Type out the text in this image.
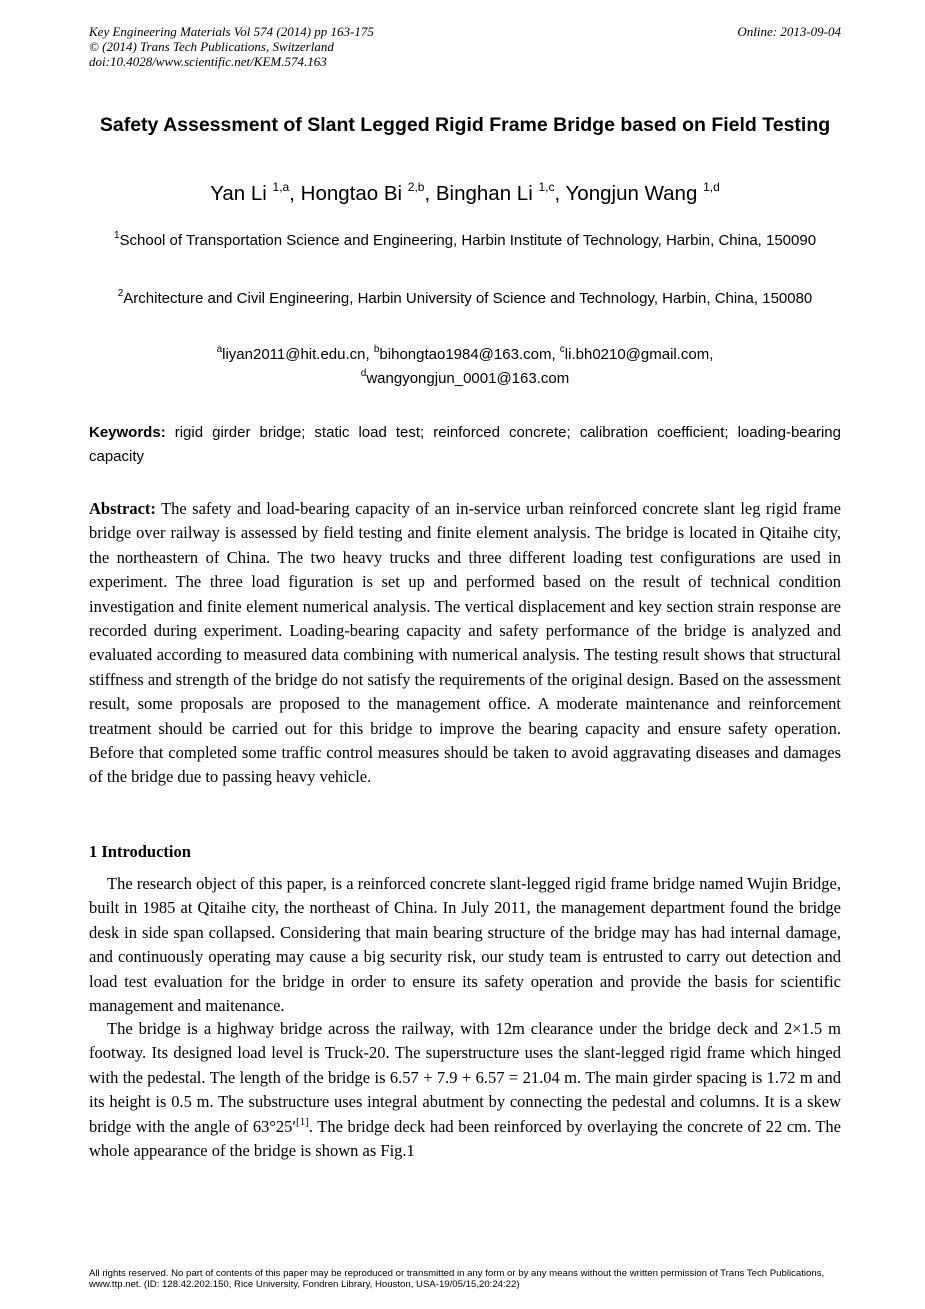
Key Engineering Materials Vol 574 (2014) pp 163-175
© (2014) Trans Tech Publications, Switzerland
doi:10.4028/www.scientific.net/KEM.574.163
Online: 2013-09-04
Safety Assessment of Slant Legged Rigid Frame Bridge based on Field Testing
Yan Li $^{1,a}$, Hongtao Bi $^{2,b}$, Binghan Li $^{1,c}$, Yongjun Wang $^{1,d}$
$^1$School of Transportation Science and Engineering, Harbin Institute of Technology, Harbin, China, 150090
$^2$Architecture and Civil Engineering, Harbin University of Science and Technology, Harbin, China, 150080
$^a$liyan2011@hit.edu.cn, $^b$bihongtao1984@163.com, $^c$li.bh0210@gmail.com,
$^d$wangyongjun_0001@163.com
Keywords: rigid girder bridge; static load test; reinforced concrete; calibration coefficient; loading-bearing capacity
Abstract: The safety and load-bearing capacity of an in-service urban reinforced concrete slant leg rigid frame bridge over railway is assessed by field testing and finite element analysis. The bridge is located in Qitaihe city, the northeastern of China. The two heavy trucks and three different loading test configurations are used in experiment. The three load figuration is set up and performed based on the result of technical condition investigation and finite element numerical analysis. The vertical displacement and key section strain response are recorded during experiment. Loading-bearing capacity and safety performance of the bridge is analyzed and evaluated according to measured data combining with numerical analysis. The testing result shows that structural stiffness and strength of the bridge do not satisfy the requirements of the original design. Based on the assessment result, some proposals are proposed to the management office. A moderate maintenance and reinforcement treatment should be carried out for this bridge to improve the bearing capacity and ensure safety operation. Before that completed some traffic control measures should be taken to avoid aggravating diseases and damages of the bridge due to passing heavy vehicle.
1 Introduction
The research object of this paper, is a reinforced concrete slant-legged rigid frame bridge named Wujin Bridge, built in 1985 at Qitaihe city, the northeast of China. In July 2011, the management department found the bridge desk in side span collapsed. Considering that main bearing structure of the bridge may has had internal damage, and continuously operating may cause a big security risk, our study team is entrusted to carry out detection and load test evaluation for the bridge in order to ensure its safety operation and provide the basis for scientific management and maitenance.
The bridge is a highway bridge across the railway, with 12m clearance under the bridge deck and 2×1.5 m footway. Its designed load level is Truck-20. The superstructure uses the slant-legged rigid frame which hinged with the pedestal. The length of the bridge is 6.57 + 7.9 + 6.57 = 21.04 m. The main girder spacing is 1.72 m and its height is 0.5 m. The substructure uses integral abutment by connecting the pedestal and columns. It is a skew bridge with the angle of 63°25′[1]. The bridge deck had been reinforced by overlaying the concrete of 22 cm. The whole appearance of the bridge is shown as Fig.1
All rights reserved. No part of contents of this paper may be reproduced or transmitted in any form or by any means without the written permission of Trans Tech Publications, www.ttp.net. (ID: 128.42.202.150, Rice University, Fondren Library, Houston, USA-19/05/15,20:24:22)
